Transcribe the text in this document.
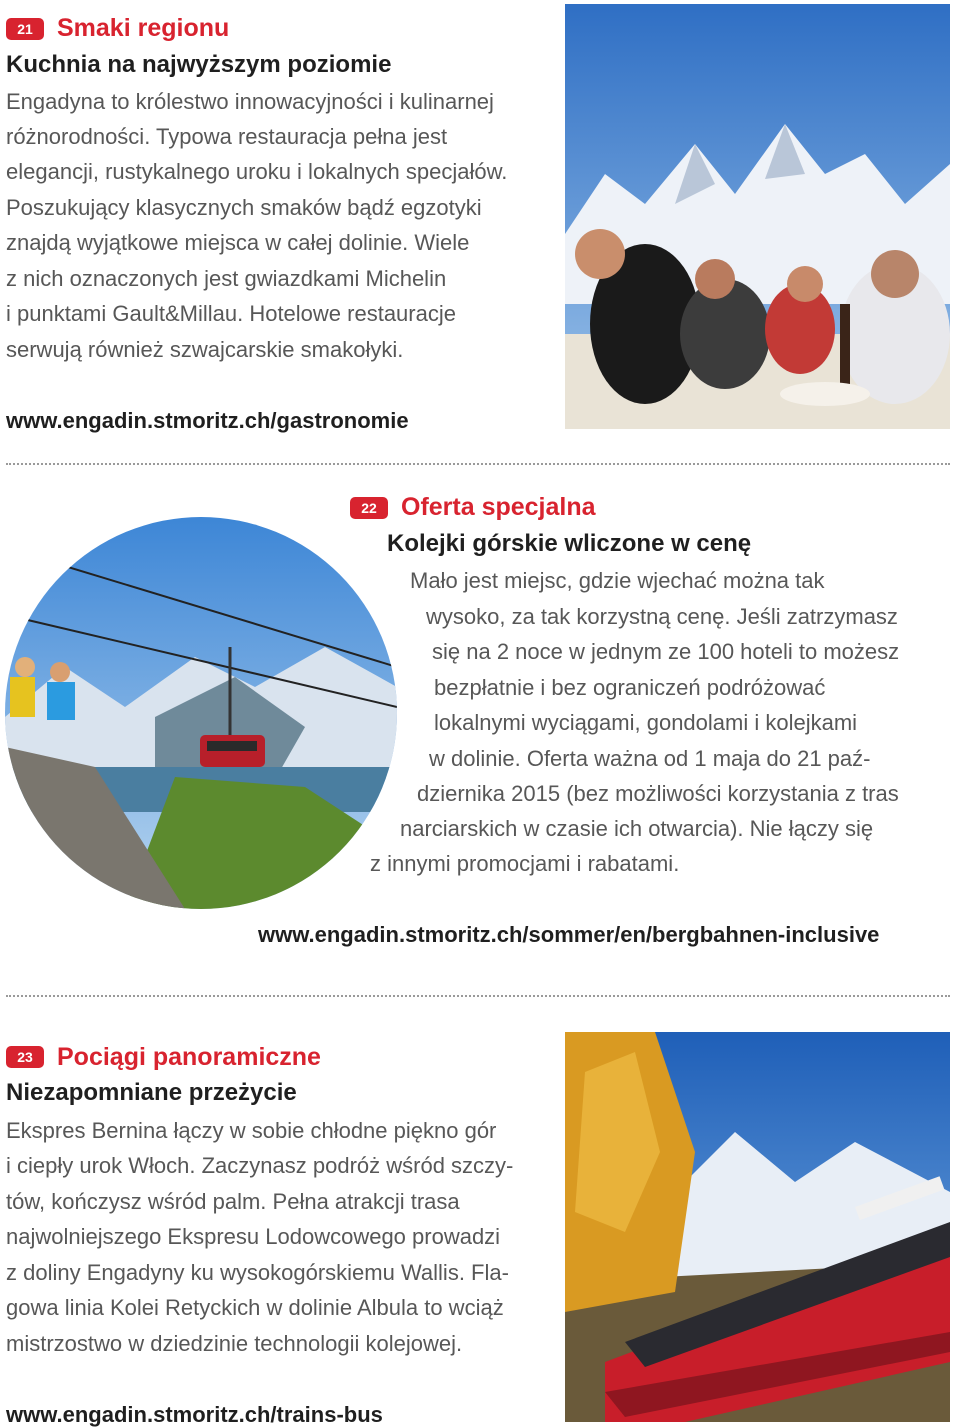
21 Smaki regionu
Kuchnia na najwyższym poziomie
Engadyna to królestwo innowacyjności i kulinarnej
różnorodności. Typowa restauracja pełna jest
elegancji, rustykalnego uroku i lokalnych specjałów.
Poszukujący klasycznych smaków bądź egzotyki
znajdą wyjątkowe miejsca w całej dolinie. Wiele
z nich oznaczonych jest gwiazdkami Michelin
i punktami Gault&Millau. Hotelowe restauracje
serwują również szwajcarskie smakołyki.
www.engadin.stmoritz.ch/gastronomie
22 Oferta specjalna
Kolejki górskie wliczone w cenę
Mało jest miejsc, gdzie wjechać można tak
wysoko, za tak korzystną cenę. Jeśli zatrzymasz
się na 2 noce w jednym ze 100 hoteli to możesz
bezpłatnie i bez ograniczeń podróżować
lokalnymi wyciągami, gondolami i kolejkami
w dolinie. Oferta ważna od 1 maja do 21 paź-
dziernika 2015 (bez możliwości korzystania z tras
narciarskich w czasie ich otwarcia). Nie łączy się
z innymi promocjami i rabatami.
www.engadin.stmoritz.ch/sommer/en/bergbahnen-inclusive
23 Pociągi panoramiczne
Niezapomniane przeżycie
Ekspres Bernina łączy w sobie chłodne piękno gór
i ciepły urok Włoch. Zaczynasz podróż wśród szczy-
tów, kończysz wśród palm. Pełna atrakcji trasa
najwolniejszego Ekspresu Lodowcowego prowadzi
z doliny Engadyny ku wysokogórskiemu Wallis. Fla-
gowa linia Kolei Retyckich w dolinie Albula to wciąż
mistrzostwo w dziedzinie technologii kolejowej.
www.engadin.stmoritz.ch/trains-bus
